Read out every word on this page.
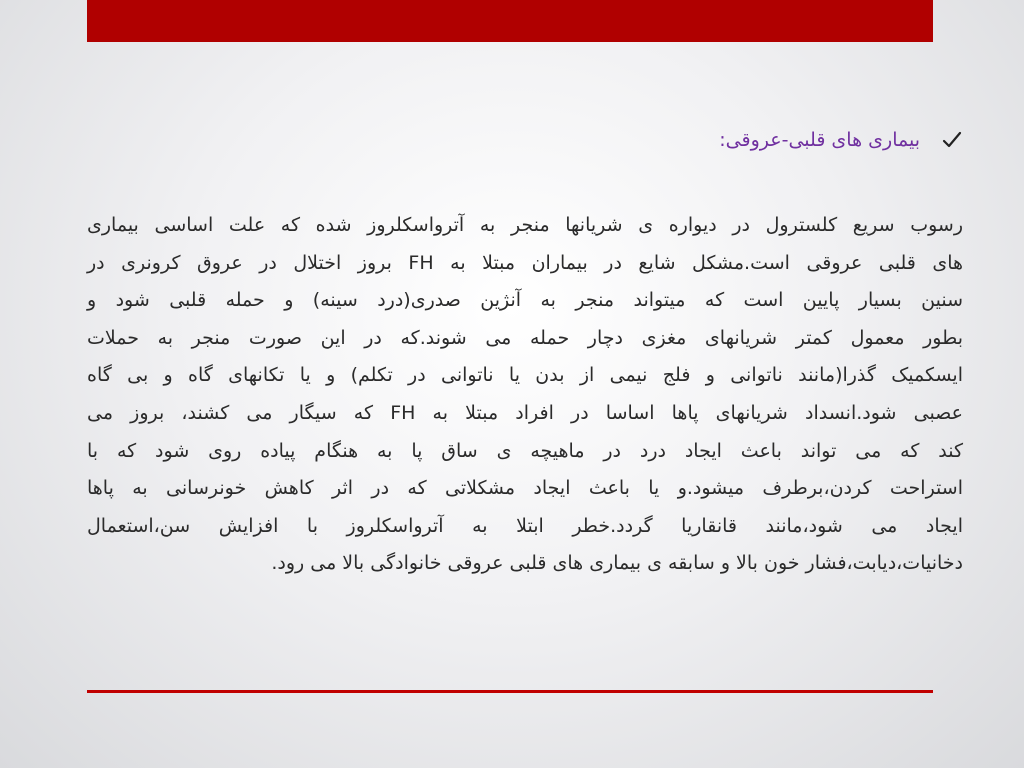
بیماری های قلبی-عروقی:
رسوب سریع کلسترول در دیواره ی شریانها منجر به آترواسکلروز شده که علت اساسی بیماری
های قلبی عروقی است.مشکل شایع در بیماران مبتلا به FH بروز اختلال در عروق کرونری در
سنین بسیار پایین است که میتواند منجر به آنژین صدری(درد سینه) و حمله قلبی شود و
بطور معمول کمتر شریانهای مغزی دچار حمله می شوند.که در این صورت منجر به حملات
ایسکمیک گذرا(مانند ناتوانی و فلج نیمی از بدن یا ناتوانی در تکلم) و یا تکانهای گاه و بی گاه
عصبی شود.انسداد شریانهای پاها اساسا در افراد مبتلا به FH که سیگار می کشند، بروز می
کند که می تواند باعث ایجاد درد در ماهیچه ی ساق پا به هنگام پیاده روی شود که با
استراحت کردن،برطرف میشود.و یا باعث ایجاد مشکلاتی که در اثر کاهش خونرسانی به پاها
ایجاد می شود،مانند قانقاریا گردد.خطر ابتلا به آترواسکلروز با افزایش سن،استعمال
دخانیات،دیابت،فشار خون بالا و سابقه ی بیماری های قلبی عروقی خانوادگی بالا می رود.
